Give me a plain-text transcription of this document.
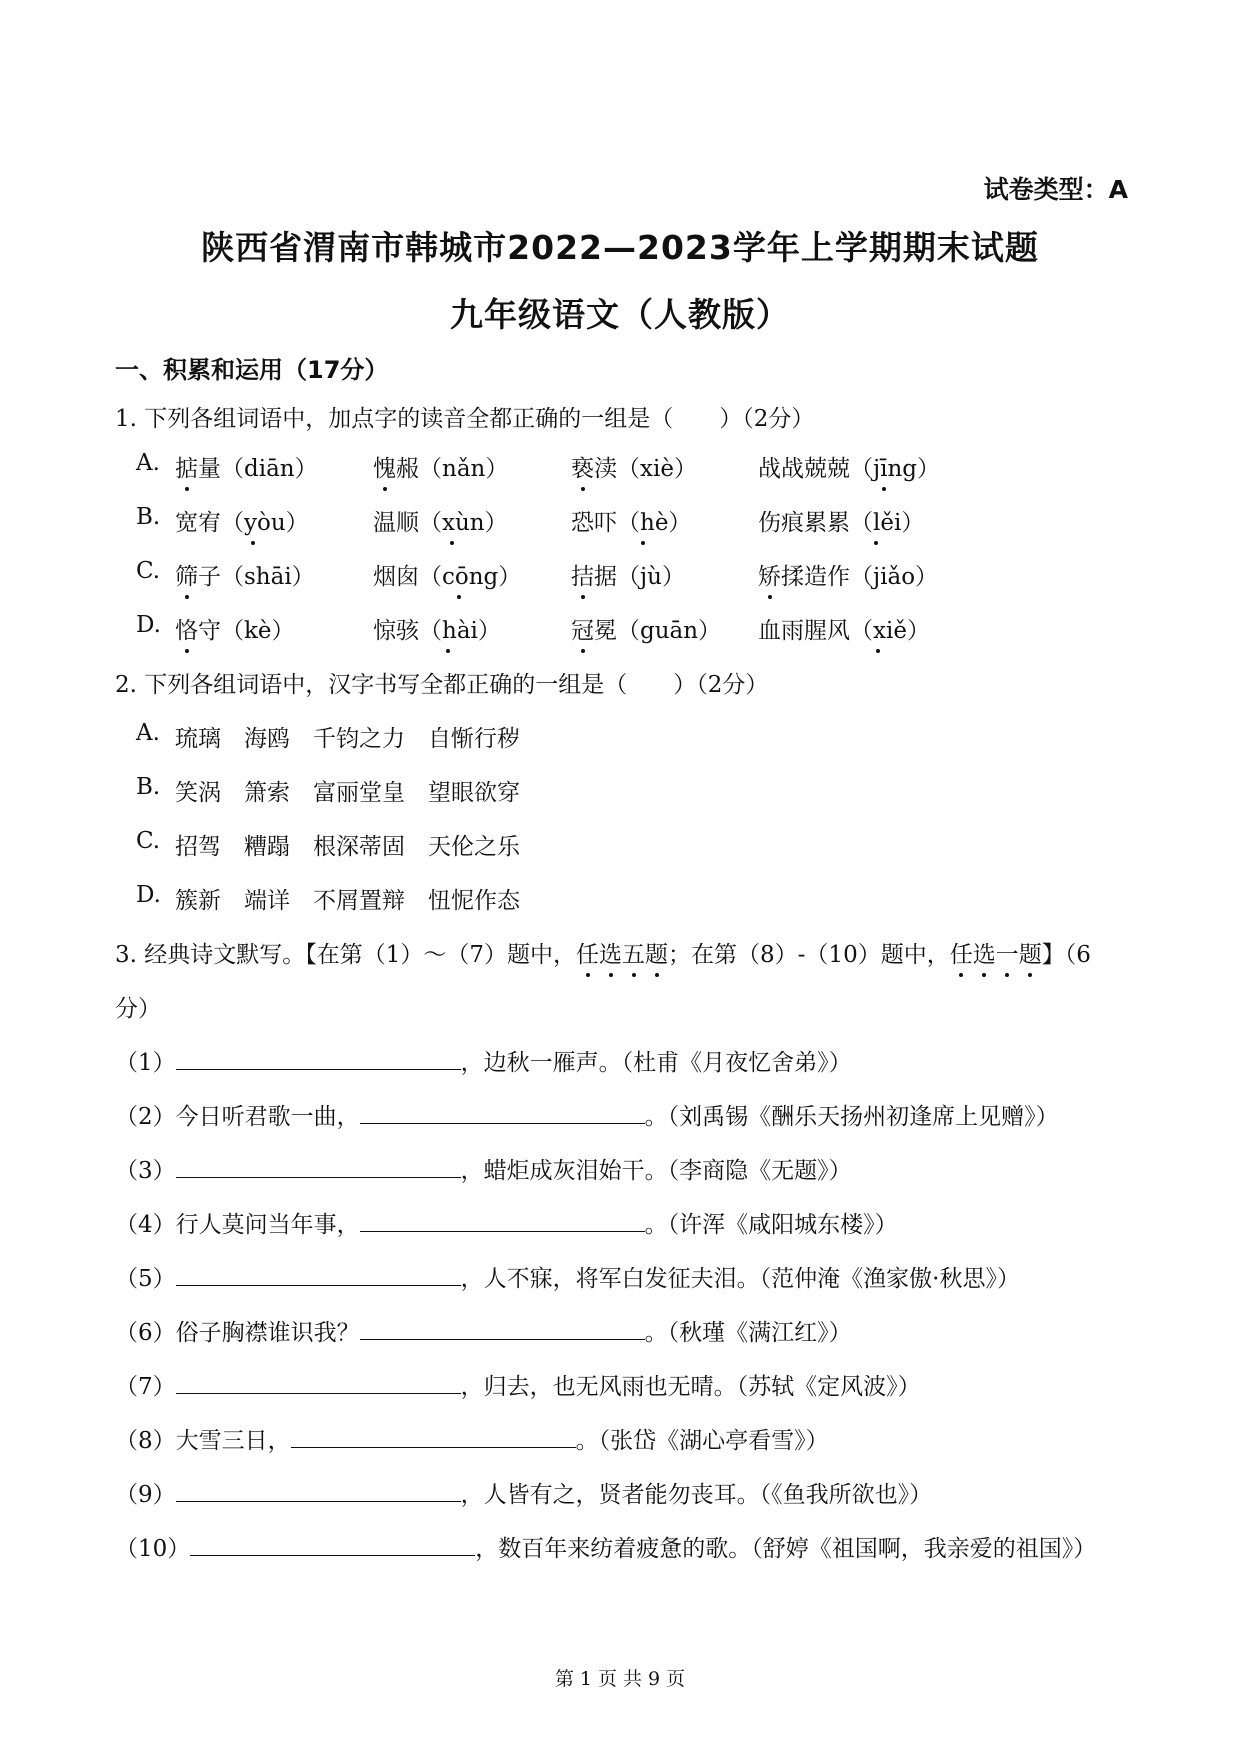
试卷类型：A
陕西省渭南市韩城市2022—2023学年上学期期末试题
九年级语文（人教版）
一、积累和运用（17分）
1. 下列各组词语中，加点字的读音全都正确的一组是（　　）（2分）
A. 掂量（diān） 愧赧（nǎn）	亵渎（xiè）	战战兢兢（jīng）
B. 宽宥（yòu）	温顺（xùn）	恐吓（hè）	伤痕累累（lěi）
C. 筛子（shāi）	烟囱（cōng） 拮据（jù）	矫揉造作（jiǎo）
D. 恪守（kè）	惊骇（hài）	冠冕（guān） 血雨腥风（xiě）
2. 下列各组词语中，汉字书写全都正确的一组是（　　）（2分）
A. 琉璃　海鸥　千钧之力　自惭行秽
B. 笑涡　箫索　富丽堂皇　望眼欲穿
C. 招驾　糟蹋　根深蒂固　天伦之乐
D. 簇新　端详　不屑置辩　忸怩作态
3. 经典诗文默写。【在第（1）～（7）题中，任选五题；在第（8）-（10）题中，任选一题】（6
分）
（1）	，边秋一雁声。（杜甫《月夜忆舍弟》）
（2）今日听君歌一曲，	。（刘禹锡《酬乐天扬州初逢席上见赠》）
（3）	，蜡炬成灰泪始干。（李商隐《无题》）
（4）行人莫问当年事，	。（许浑《咸阳城东楼》）
（5）	，人不寐，将军白发征夫泪。（范仲淹《渔家傲·秋思》）
（6）俗子胸襟谁识我？	。（秋瑾《满江红》）
（7）	，归去，也无风雨也无晴。（苏轼《定风波》）
（8）大雪三日，	。（张岱《湖心亭看雪》）
（9）	，人皆有之，贤者能勿丧耳。（《鱼我所欲也》）
（10）	，数百年来纺着疲惫的歌。（舒婷《祖国啊，我亲爱的祖国》）
第 1 页 共 9 页
